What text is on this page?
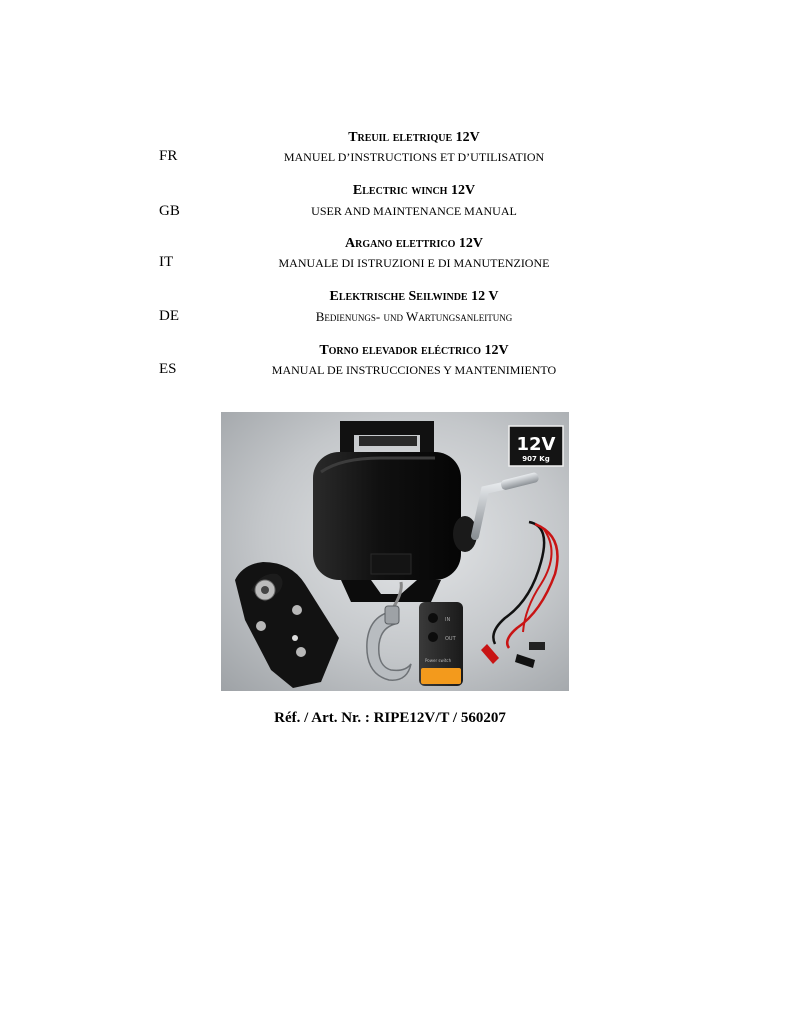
Treuil eletrique 12V
FR	MANUEL D’INSTRUCTIONS ET D’UTILISATION
Electric winch 12V
GB	USER AND MAINTENANCE MANUAL
Argano elettrico 12V
IT	MANUALE DI ISTRUZIONI E DI MANUTENZIONE
Elektrische Seilwinde 12 V
DE	Bedienungs- und Wartungsanleitung
Torno elevador eléctrico 12V
ES	MANUAL DE INSTRUCCIONES Y MANTENIMIENTO
IN
OUT
Power switch
12V
907 Kg
Réf. / Art. Nr. : RIPE12V/T / 560207
